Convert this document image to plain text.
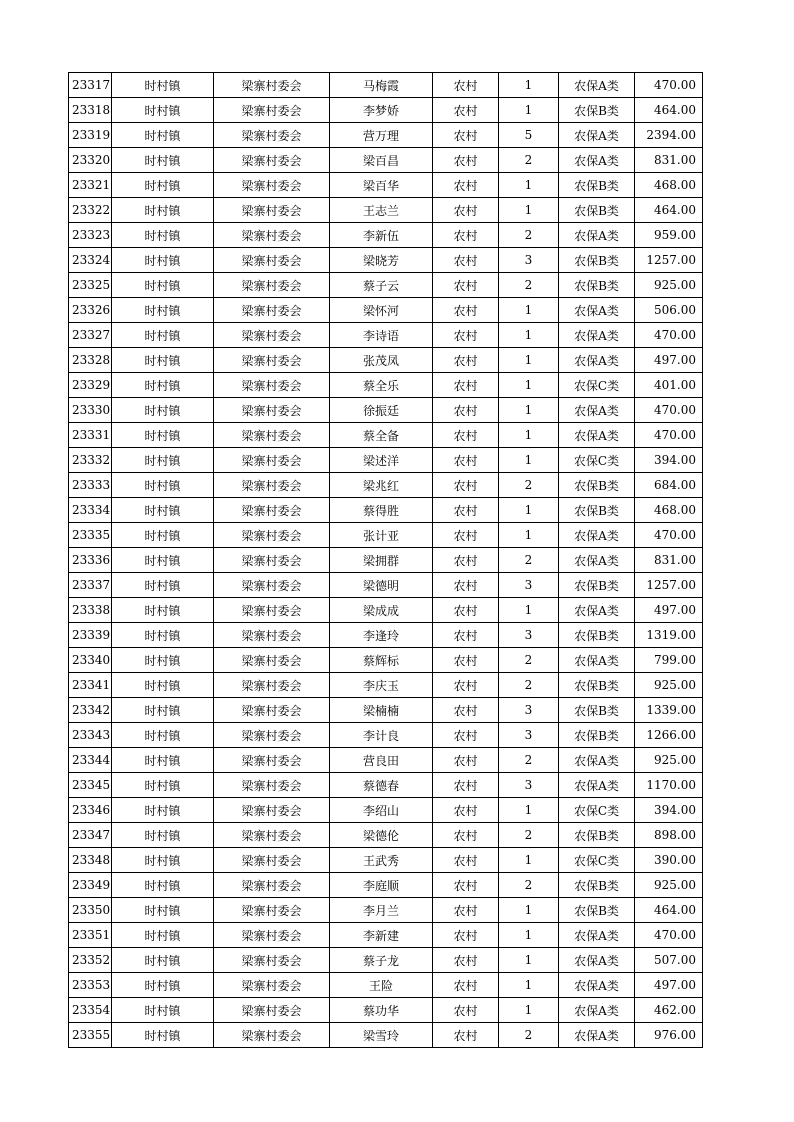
23317	时村镇	梁寨村委会	马梅霞	农村	1	农保A类	470.00
23318	时村镇	梁寨村委会	李梦娇	农村	1	农保B类	464.00
23319	时村镇	梁寨村委会	营万理	农村	5	农保A类	2394.00
23320	时村镇	梁寨村委会	梁百昌	农村	2	农保A类	831.00
23321	时村镇	梁寨村委会	梁百华	农村	1	农保B类	468.00
23322	时村镇	梁寨村委会	王志兰	农村	1	农保B类	464.00
23323	时村镇	梁寨村委会	李新伍	农村	2	农保A类	959.00
23324	时村镇	梁寨村委会	梁晓芳	农村	3	农保B类	1257.00
23325	时村镇	梁寨村委会	蔡子云	农村	2	农保B类	925.00
23326	时村镇	梁寨村委会	梁怀河	农村	1	农保A类	506.00
23327	时村镇	梁寨村委会	李诗语	农村	1	农保A类	470.00
23328	时村镇	梁寨村委会	张茂凤	农村	1	农保A类	497.00
23329	时村镇	梁寨村委会	蔡全乐	农村	1	农保C类	401.00
23330	时村镇	梁寨村委会	徐振廷	农村	1	农保A类	470.00
23331	时村镇	梁寨村委会	蔡全备	农村	1	农保A类	470.00
23332	时村镇	梁寨村委会	梁述洋	农村	1	农保C类	394.00
23333	时村镇	梁寨村委会	梁兆红	农村	2	农保B类	684.00
23334	时村镇	梁寨村委会	蔡得胜	农村	1	农保B类	468.00
23335	时村镇	梁寨村委会	张计亚	农村	1	农保A类	470.00
23336	时村镇	梁寨村委会	梁拥群	农村	2	农保A类	831.00
23337	时村镇	梁寨村委会	梁德明	农村	3	农保B类	1257.00
23338	时村镇	梁寨村委会	梁成成	农村	1	农保A类	497.00
23339	时村镇	梁寨村委会	李逢玲	农村	3	农保B类	1319.00
23340	时村镇	梁寨村委会	蔡辉标	农村	2	农保A类	799.00
23341	时村镇	梁寨村委会	李庆玉	农村	2	农保B类	925.00
23342	时村镇	梁寨村委会	梁楠楠	农村	3	农保B类	1339.00
23343	时村镇	梁寨村委会	李计良	农村	3	农保B类	1266.00
23344	时村镇	梁寨村委会	营良田	农村	2	农保A类	925.00
23345	时村镇	梁寨村委会	蔡德春	农村	3	农保A类	1170.00
23346	时村镇	梁寨村委会	李绍山	农村	1	农保C类	394.00
23347	时村镇	梁寨村委会	梁德伦	农村	2	农保B类	898.00
23348	时村镇	梁寨村委会	王武秀	农村	1	农保C类	390.00
23349	时村镇	梁寨村委会	李庭顺	农村	2	农保B类	925.00
23350	时村镇	梁寨村委会	李月兰	农村	1	农保B类	464.00
23351	时村镇	梁寨村委会	李新建	农村	1	农保A类	470.00
23352	时村镇	梁寨村委会	蔡子龙	农村	1	农保A类	507.00
23353	时村镇	梁寨村委会	王险	农村	1	农保A类	497.00
23354	时村镇	梁寨村委会	蔡功华	农村	1	农保A类	462.00
23355	时村镇	梁寨村委会	梁雪玲	农村	2	农保A类	976.00
